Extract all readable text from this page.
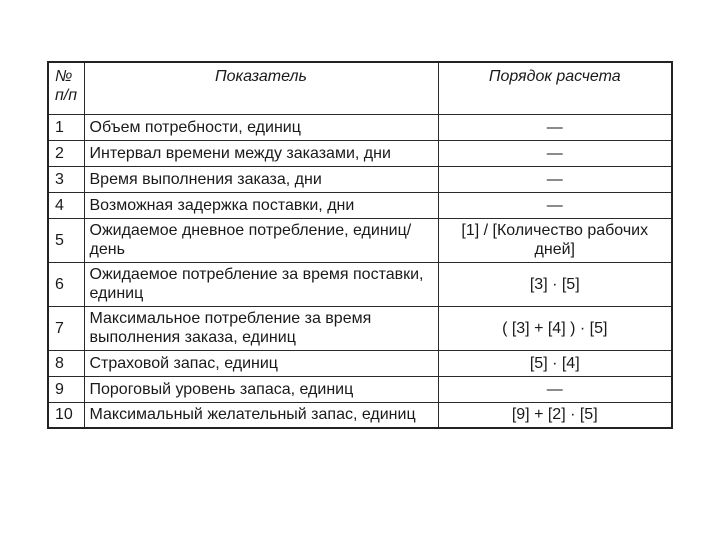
№ п/п	Показатель	Порядок расчета
1	Объем потребности, единиц	—
2	Интервал времени между заказами, дни	—
3	Время выполнения заказа, дни	—
4	Возможная задержка поставки, дни	—
5	Ожидаемое дневное потребление, единиц/ день	[1] / [Количество рабочих дней]
6	Ожидаемое потребление за время поставки, единиц	[3] · [5]
7	Максимальное потребление за время выполнения заказа, единиц	( [3] + [4] ) · [5]
8	Страховой запас, единиц	[5] · [4]
9	Пороговый уровень запаса, единиц	—
10	Максимальный желательный запас, единиц	[9] + [2] · [5]
